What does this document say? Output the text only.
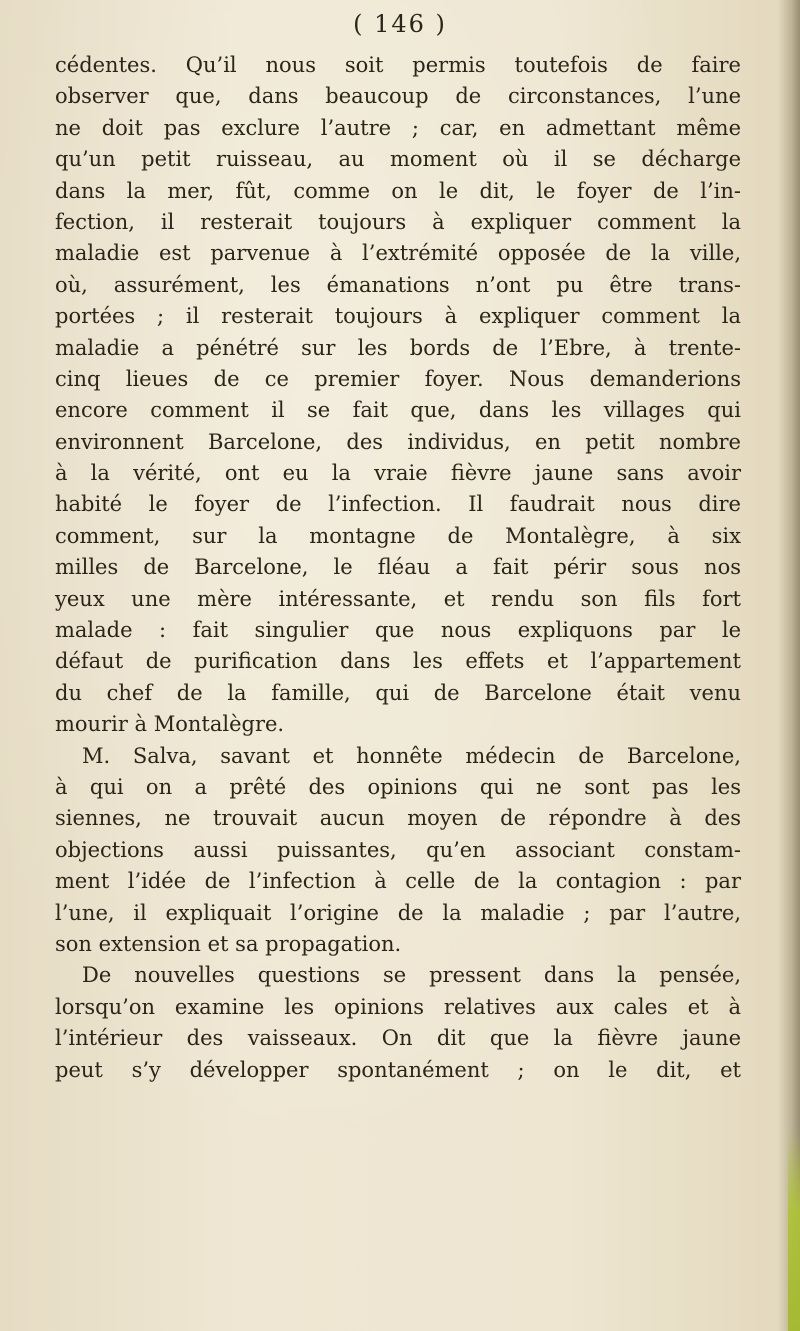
( 146 )
cédentes. Qu’il nous soit permis toutefois de faire
observer que, dans beaucoup de circonstances, l’une
ne doit pas exclure l’autre ; car, en admettant même
qu’un petit ruisseau, au moment où il se décharge
dans la mer, fût, comme on le dit, le foyer de l’in-
fection, il resterait toujours à expliquer comment la
maladie est parvenue à l’extrémité opposée de la ville,
où, assurément, les émanations n’ont pu être trans-
portées ; il resterait toujours à expliquer comment la
maladie a pénétré sur les bords de l’Ebre, à trente-
cinq lieues de ce premier foyer. Nous demanderions
encore comment il se fait que, dans les villages qui
environnent Barcelone, des individus, en petit nombre
à la vérité, ont eu la vraie fièvre jaune sans avoir
habité le foyer de l’infection. Il faudrait nous dire
comment, sur la montagne de Montalègre, à six
milles de Barcelone, le fléau a fait périr sous nos
yeux une mère intéressante, et rendu son fils fort
malade : fait singulier que nous expliquons par le
défaut de purification dans les effets et l’appartement
du chef de la famille, qui de Barcelone était venu
mourir à Montalègre.
M. Salva, savant et honnête médecin de Barcelone,
à qui on a prêté des opinions qui ne sont pas les
siennes, ne trouvait aucun moyen de répondre à des
objections aussi puissantes, qu’en associant constam-
ment l’idée de l’infection à celle de la contagion : par
l’une, il expliquait l’origine de la maladie ; par l’autre,
son extension et sa propagation.
De nouvelles questions se pressent dans la pensée,
lorsqu’on examine les opinions relatives aux cales et à
l’intérieur des vaisseaux. On dit que la fièvre jaune
peut s’y développer spontanément ; on le dit, et
